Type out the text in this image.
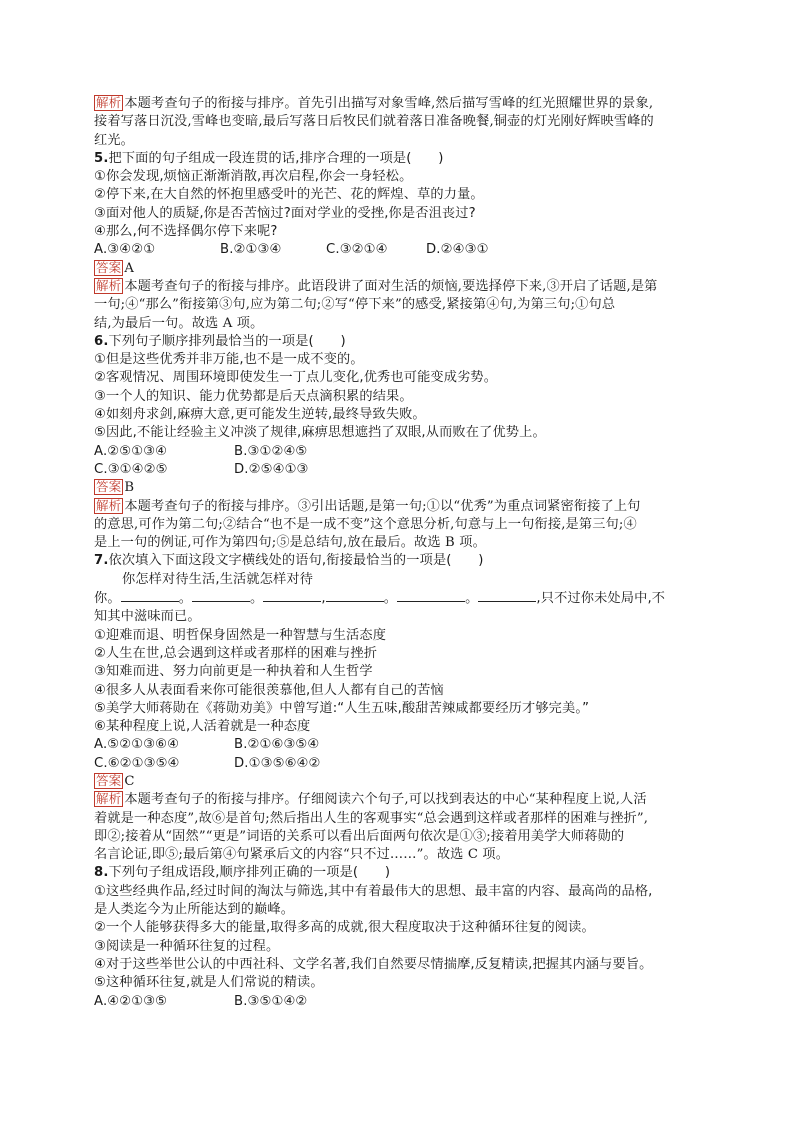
解析 本题考查句子的衔接与排序。首先引出描写对象雪峰,然后描写雪峰的红光照耀世界的景象,
接着写落日沉没,雪峰也变暗,最后写落日后牧民们就着落日准备晚餐,铜壶的灯光刚好辉映雪峰的
红光。
5.把下面的句子组成一段连贯的话,排序合理的一项是(　　)
①你会发现,烦恼正渐渐消散,再次启程,你会一身轻松。
②停下来,在大自然的怀抱里感受叶的光芒、花的辉煌、草的力量。
③面对他人的质疑,你是否苦恼过?面对学业的受挫,你是否沮丧过?
④那么,何不选择偶尔停下来呢?
A.③④②①	B.②①③④	C.③②①④	D.②④③①
答案 A
解析 本题考查句子的衔接与排序。此语段讲了面对生活的烦恼,要选择停下来,③开启了话题,是第
一句;④“那么”衔接第③句,应为第二句;②写“停下来”的感受,紧接第④句,为第三句;①句总
结,为最后一句。故选 A 项。
6.下列句子顺序排列最恰当的一项是(　　)
①但是这些优秀并非万能,也不是一成不变的。
②客观情况、周围环境即使发生一丁点儿变化,优秀也可能变成劣势。
③一个人的知识、能力优势都是后天点滴积累的结果。
④如刻舟求剑,麻痹大意,更可能发生逆转,最终导致失败。
⑤因此,不能让经验主义冲淡了规律,麻痹思想遮挡了双眼,从而败在了优势上。
A.②⑤①③④	B.③①②④⑤
C.③①④②⑤	D.②⑤④①③
答案 B
解析 本题考查句子的衔接与排序。③引出话题,是第一句;①以“优秀”为重点词紧密衔接了上句
的意思,可作为第二句;②结合“也不是一成不变”这个意思分析,句意与上一句衔接,是第三句;④
是上一句的例证,可作为第四句;⑤是总结句,放在最后。故选 B 项。
7.依次填入下面这段文字横线处的语句,衔接最恰当的一项是(　　)
你怎样对待生活,生活就怎样对待
你。	。	。	,	。	。	,只不过你未处局中,不
知其中滋味而已。
①迎难而退、明哲保身固然是一种智慧与生活态度
②人生在世,总会遇到这样或者那样的困难与挫折
③知难而进、努力向前更是一种执着和人生哲学
④很多人从表面看来你可能很羡慕他,但人人都有自己的苦恼
⑤美学大师蒋勋在《蒋勋劝美》中曾写道:“人生五味,酸甜苦辣咸都要经历才够完美。”
⑥某种程度上说,人活着就是一种态度
A.⑤②①③⑥④	B.②①⑥③⑤④
C.⑥②①③⑤④	D.①③⑤⑥④②
答案 C
解析 本题考查句子的衔接与排序。仔细阅读六个句子,可以找到表达的中心“某种程度上说,人活
着就是一种态度”,故⑥是首句;然后指出人生的客观事实“总会遇到这样或者那样的困难与挫折”,
即②;接着从“固然”“更是”词语的关系可以看出后面两句依次是①③;接着用美学大师蒋勋的
名言论证,即⑤;最后第④句紧承后文的内容“只不过……”。故选 C 项。
8.下列句子组成语段,顺序排列正确的一项是(　　)
①这些经典作品,经过时间的淘汰与筛选,其中有着最伟大的思想、最丰富的内容、最高尚的品格,
是人类迄今为止所能达到的巅峰。
②一个人能够获得多大的能量,取得多高的成就,很大程度取决于这种循环往复的阅读。
③阅读是一种循环往复的过程。
④对于这些举世公认的中西社科、文学名著,我们自然要尽情揣摩,反复精读,把握其内涵与要旨。
⑤这种循环往复,就是人们常说的精读。
A.④②①③⑤	B.③⑤①④②
